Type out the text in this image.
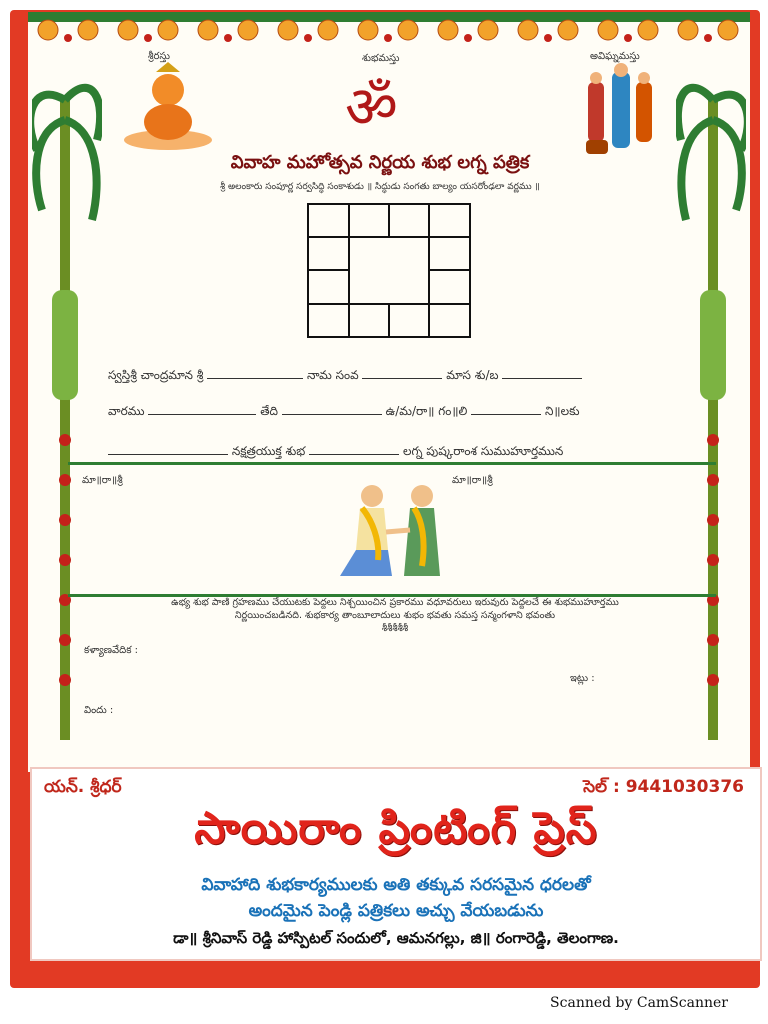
శ్రీరస్తు	శుభమస్తు	అవిఘ్నమస్తు
ॐ
వివాహ మహోత్సవ నిర్ణయ శుభ లగ్న పత్రిక
శ్రీ అలంకారు సంపూర్ణ సర్వసిద్ధి సంకాశుడు ॥ సిద్ధుడు సంగతు బాల్యం యసరోంఢలా వర్ణము ॥
స్వస్తిశ్రీ చాంద్రమాన శ్రీ	నామ సంవ	మాస శు/బ
వారము	తేది	ఉ/మ/రా॥ గం॥లి	ని॥లకు
నక్షత్రయుక్త శుభ	లగ్న పుష్కరాంశ సుముహూర్తమున
మా॥రా॥శ్రీ	మా॥రా॥శ్రీ
ఉభ్య శుభ పాణి గ్రహణము చేయుటకు పెద్దలు నిశ్చయించిన ప్రకారము వధూవరులు ఇరువురు పెద్దలచే ఈ శుభముహూర్తము
నిర్ణయించబడినది. శుభకార్య తాంబూలాదులు శుభం భవతు సమస్త సన్మంగళాని భవంతు
శీశీశీశీశీ
కళ్యాణవేదిక :
ఇట్లు :
విందు :
యన్. శ్రీధర్	సెల్ : 9441030376
సాయిరాం ప్రింటింగ్ ప్రెస్
వివాహాది శుభకార్యములకు అతి తక్కువ సరసమైన ధరలతో
అందమైన పెండ్లి పత్రికలు అచ్చు వేయబడును
డా॥ శ్రీనివాస్ రెడ్డి హాస్పిటల్ సందులో, ఆమనగల్లు, జి॥ రంగారెడ్డి, తెలంగాణ.
Scanned by CamScanner
